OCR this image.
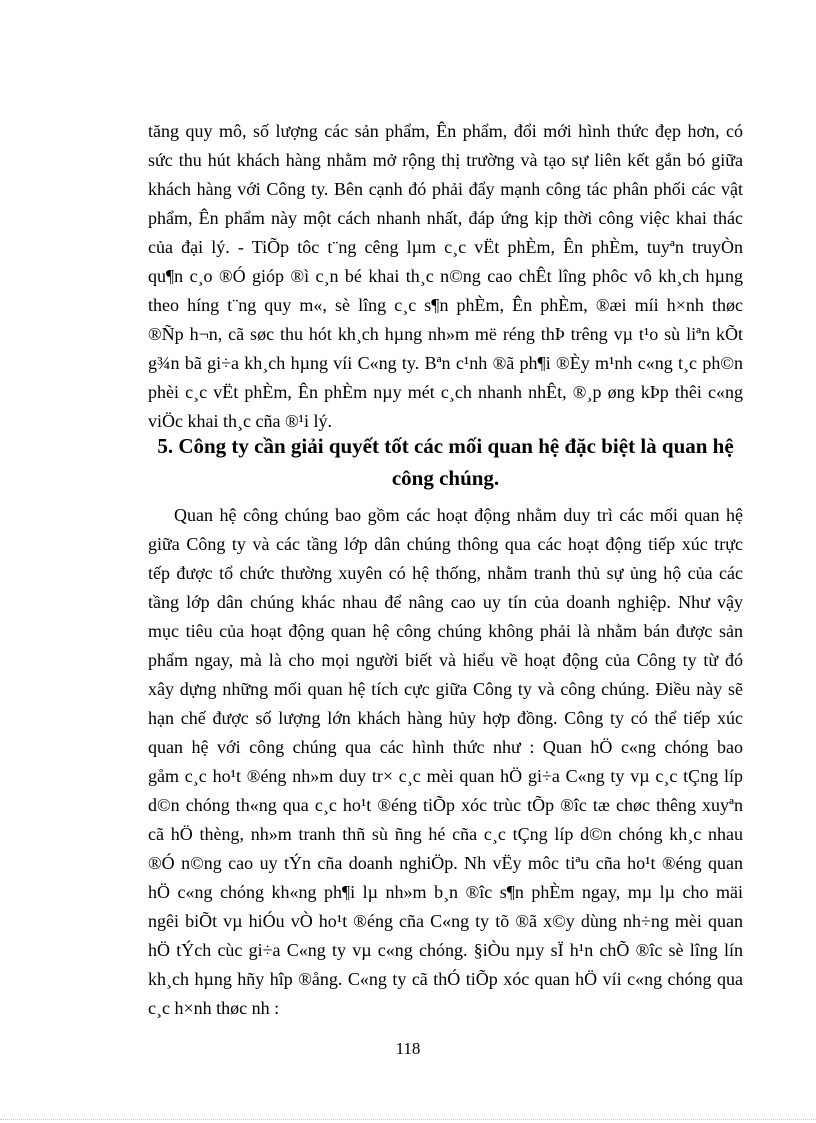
tăng quy mô, số lượng các sản phẩm, Ên phẩm, đổi mới hình thức đẹp hơn, có
sức thu hút khách hàng nhằm mở rộng thị trường và tạo sự liên kết gắn bó giữa
khách hàng với Công ty. Bên cạnh đó phải đẩy mạnh công tác phân phối các vật
phẩm, Ên phẩm này một cách nhanh nhất, đáp ứng kịp thời công việc khai thác
của đại lý. - TiÕp tôc t¨ng cêng lµm c¸c vËt phÈm, Ên phÈm, tuyªn truyÒn
qu¶n c¸o ®Ó gióp ®ì c¸n bé khai th¸c n©ng cao chÊt lîng phôc vô kh¸ch hµng
theo híng t¨ng quy m«, sè lîng c¸c s¶n phÈm, Ên phÈm, ®æi míi h×nh thøc
®Ñp h¬n, cã søc thu hót kh¸ch hµng nh»m më réng thÞ trêng vµ t¹o sù liªn kÕt
g¾n bã gi÷a kh¸ch hµng víi C«ng ty. Bªn c¹nh ®ã ph¶i ®Èy m¹nh c«ng t¸c ph©n
phèi c¸c vËt phÈm, Ên phÈm nµy mét c¸ch nhanh nhÊt, ®¸p øng kÞp thêi c«ng
viÖc khai th¸c cña ®¹i lý.
5. Công ty cần giải quyết tốt các mối quan hệ đặc biệt là quan hệ
công chúng.
Quan hệ công chúng bao gồm các hoạt động nhằm duy trì các mối quan hệ
giữa Công ty và các tầng lớp dân chúng thông qua các hoạt động tiếp xúc trực
tếp được tổ chức thường xuyên có hệ thống, nhằm tranh thủ sự ủng hộ của các
tầng lớp dân chúng khác nhau để nâng cao uy tín của doanh nghiệp. Như vậy
mục tiêu của hoạt động quan hệ công chúng không phải là nhằm bán được sản
phẩm ngay, mà là cho mọi người biết và hiểu về hoạt động của Công ty từ đó
xây dựng những mối quan hệ tích cực giữa Công ty và công chúng. Điều này sẽ
hạn chế được số lượng lớn khách hàng hủy hợp đồng. Công ty có thể tiếp xúc
quan hệ với công chúng qua các hình thức như : Quan hÖ c«ng chóng bao
gåm c¸c ho¹t ®éng nh»m duy tr× c¸c mèi quan hÖ gi÷a C«ng ty vµ c¸c tÇng líp
d©n chóng th«ng qua c¸c ho¹t ®éng tiÕp xóc trùc tÕp ®îc tæ chøc thêng xuyªn
cã hÖ thèng, nh»m tranh thñ sù ñng hé cña c¸c tÇng líp d©n chóng kh¸c nhau
®Ó n©ng cao uy tÝn cña doanh nghiÖp. Nh vËy môc tiªu cña ho¹t ®éng quan
hÖ c«ng chóng kh«ng ph¶i lµ nh»m b¸n ®îc s¶n phÈm ngay, mµ lµ cho mäi
ngêi biÕt vµ hiÓu vÒ ho¹t ®éng cña C«ng ty tõ ®ã x©y dùng nh÷ng mèi quan
hÖ tÝch cùc gi÷a C«ng ty vµ c«ng chóng. §iÒu nµy sÏ h¹n chÕ ®îc sè lîng lín
kh¸ch hµng hñy hîp ®ång. C«ng ty cã thÓ tiÕp xóc quan hÖ víi c«ng chóng qua
c¸c h×nh thøc nh :
118
